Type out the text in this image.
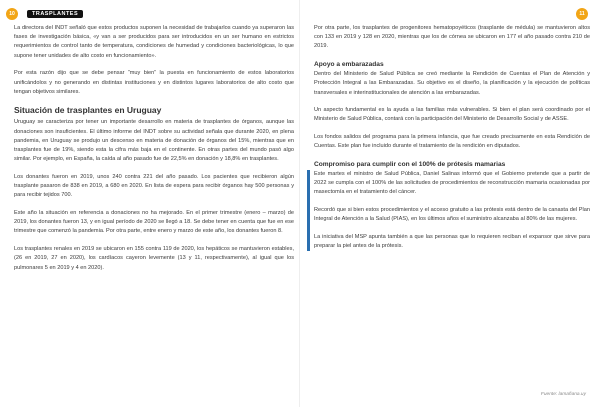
10	TRASPLANTES

La directora del INDT señaló que estos productos suponen la necesidad de trabajarlos cuando ya superaron las fases de investigación básica, «y van a ser producidos para ser introducidos en un ser humano en estrictos requerimientos de control tanto de temperatura, condiciones de humedad y condiciones bacteriológicas, lo que supone tener unidades de alto costo en funcionamiento».

Por esta razón dijo que se debe pensar “muy bien” la puesta en funcionamiento de estos laboratorios unificándolos y no generando en distintas instituciones y en distintos lugares laboratorios de alto costo que tengan objetivos similares.

Situación de trasplantes en Uruguay

Uruguay se caracteriza por tener un importante desarrollo en materia de trasplantes de órganos, aunque las donaciones son insuficientes. El último informe del INDT sobre su actividad señala que durante 2020, en plena pandemia, en Uruguay se produjo un descenso en materia de donación de órganos del 15%, mientras que en trasplantes fue de 19%, siendo esta la cifra más baja en el continente. En otras partes del mundo pasó algo similar. Por ejemplo, en España, la caída al año pasado fue de 22,5% en donación y 18,8% en trasplantes.

Los donantes fueron en 2019, unos 240 contra 221 del año pasado. Los pacientes que recibieron algún trasplante pasaron de 838 en 2019, a 680 en 2020. En lista de espera para recibir órganos hay 500 personas y para recibir tejidos 700.

Este año la situación en referencia a donaciones no ha mejorado. En el primer trimestre (enero – marzo) de 2019, los donantes fueron 13, y en igual período de 2020 se llegó a 18. Se debe tener en cuenta que fue en ese trimestre que comenzó la pandemia. Por otra parte, entre enero y marzo de este año, los donantes fueron 8.

Los trasplantes renales en 2019 se ubicaron en 155 contra 119 de 2020, los hepáticos se mantuvieron estables, (26 en 2019, 27 en 2020), los cardíacos cayeron levemente (13 y 11, respectivamente), al igual que los pulmonares 5 en 2019 y 4 en 2020).

11

Por otra parte, los trasplantes de progenitores hematopoyéticos (trasplante de médula) se mantuvieron altos con 133 en 2019 y 128 en 2020, mientras que los de córnea se ubicaron en 177 el año pasado contra 210 de 2019.

Apoyo a embarazadas

Dentro del Ministerio de Salud Pública se creó mediante la Rendición de Cuentas el Plan de Atención y Protección Integral a las Embarazadas. Su objetivo es el diseño, la planificación y la ejecución de políticas transversales e interinstitucionales de atención a las embarazadas.

Un aspecto fundamental es la ayuda a las familias más vulnerables. Si bien el plan será coordinado por el Ministerio de Salud Pública, contará con la participación del Ministerio de Desarrollo Social y de ASSE.

Los fondos salidos del programa para la primera infancia, que fue creado precisamente en esta Rendición de Cuentas. Este plan fue incluido durante el tratamiento de la rendición en diputados.

Compromiso para cumplir con el 100% de prótesis mamarias

Este martes el ministro de Salud Pública, Daniel Salinas informó que el Gobierno pretende que a partir de 2022 se cumpla con el 100% de las solicitudes de procedimientos de reconstrucción mamaria ocasionadas por masectomía en el tratamiento del cáncer.

Recordó que si bien estos procedimientos y el acceso gratuito a las prótesis está dentro de la canasta del Plan Integral de Atención a la Salud (PIAS), en los últimos años el suministro alcanzaba al 80% de las mujeres.

La iniciativa del MSP apunta también a que las personas que lo requieren reciban el expansor que sirve para preparar la piel antes de la prótesis.

Fuente: lamañana.uy
